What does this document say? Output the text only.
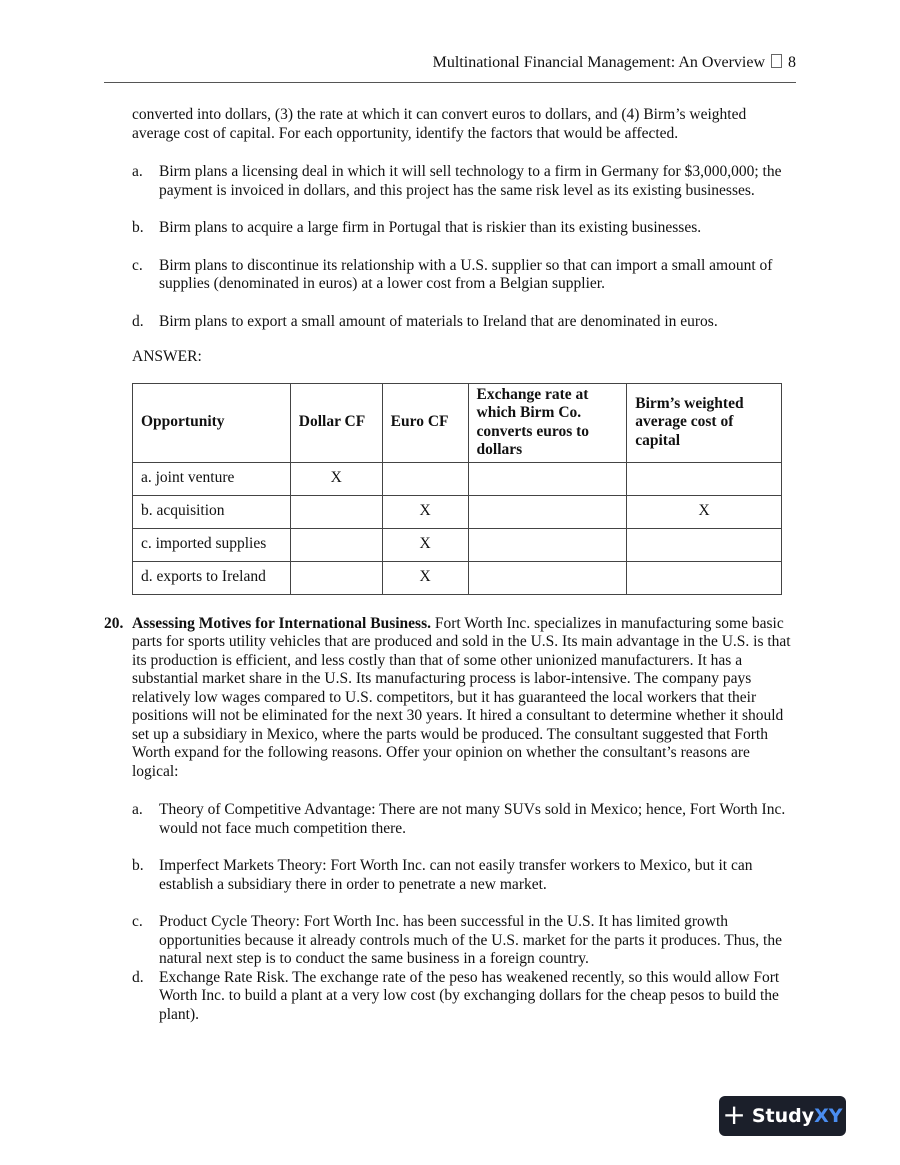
Multinational Financial Management: An Overview 8

converted into dollars, (3) the rate at which it can convert euros to dollars, and (4) Birm’s weighted average cost of capital. For each opportunity, identify the factors that would be affected.

a.	Birm plans a licensing deal in which it will sell technology to a firm in Germany for $3,000,000; the payment is invoiced in dollars, and this project has the same risk level as its existing businesses.
b. Birm plans to acquire a large firm in Portugal that is riskier than its existing businesses.
c.	Birm plans to discontinue its relationship with a U.S. supplier so that can import a small amount of supplies (denominated in euros) at a lower cost from a Belgian supplier.
d. Birm plans to export a small amount of materials to Ireland that are denominated in euros.

ANSWER:

Opportunity	Dollar CF	Euro CF	Exchange rate at which Birm Co. converts euros to dollars	Birm’s weighted average cost of capital
a. joint venture	X			
b. acquisition		X		X
c. imported supplies		X		
d. exports to Ireland		X		
20. Assessing Motives for International Business. Fort Worth Inc. specializes in manufacturing some basic parts for sports utility vehicles that are produced and sold in the U.S. Its main advantage in the U.S. is that its production is efficient, and less costly than that of some other unionized manufacturers. It has a substantial market share in the U.S. Its manufacturing process is labor-intensive. The company pays relatively low wages compared to U.S. competitors, but it has guaranteed the local workers that their positions will not be eliminated for the next 30 years. It hired a consultant to determine whether it should set up a subsidiary in Mexico, where the parts would be produced. The consultant suggested that Forth Worth expand for the following reasons. Offer your opinion on whether the consultant’s reasons are logical:

a.	Theory of Competitive Advantage: There are not many SUVs sold in Mexico; hence, Fort Worth Inc. would not face much competition there.
b. Imperfect Markets Theory: Fort Worth Inc. can not easily transfer workers to Mexico, but it can establish a subsidiary there in order to penetrate a new market.
c.	Product Cycle Theory: Fort Worth Inc. has been successful in the U.S. It has limited growth opportunities because it already controls much of the U.S. market for the parts it produces. Thus, the natural next step is to conduct the same business in a foreign country.
d. Exchange Rate Risk. The exchange rate of the peso has weakened recently, so this would allow Fort Worth Inc. to build a plant at a very low cost (by exchanging dollars for the cheap pesos to build the plant).
+ Study XY
